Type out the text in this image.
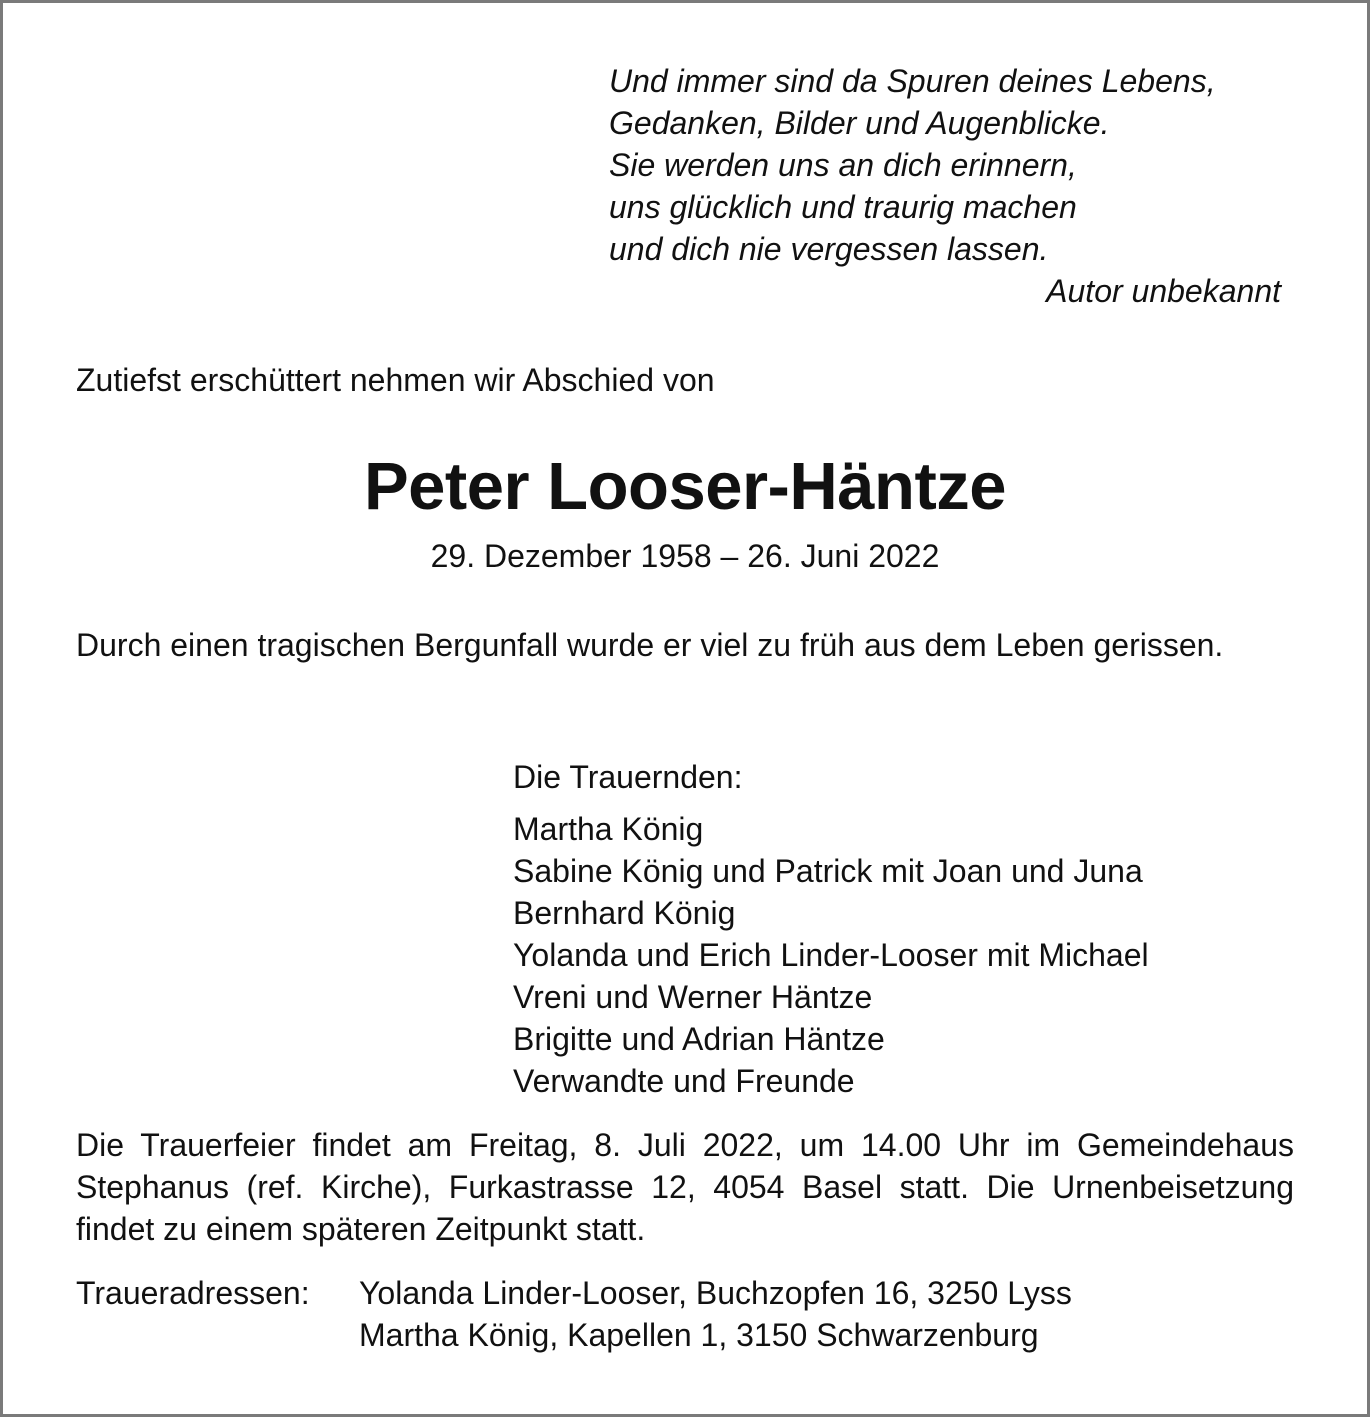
Und immer sind da Spuren deines Lebens,
Gedanken, Bilder und Augenblicke.
Sie werden uns an dich erinnern,
uns glücklich und traurig machen
und dich nie vergessen lassen.
Autor unbekannt
Zutiefst erschüttert nehmen wir Abschied von
Peter Looser-Häntze
29. Dezember 1958 – 26. Juni 2022
Durch einen tragischen Bergunfall wurde er viel zu früh aus dem Leben gerissen.
Die Trauernden:
Martha König
Sabine König und Patrick mit Joan und Juna
Bernhard König
Yolanda und Erich Linder-Looser mit Michael
Vreni und Werner Häntze
Brigitte und Adrian Häntze
Verwandte und Freunde
Die Trauerfeier findet am Freitag, 8. Juli 2022, um 14.00 Uhr im Gemeindehaus Stephanus (ref. Kirche), Furkastrasse 12, 4054 Basel statt. Die Urnenbeisetzung findet zu einem späteren Zeitpunkt statt.
Traueradressen: Yolanda Linder-Looser, Buchzopfen 16, 3250 Lyss
Martha König, Kapellen 1, 3150 Schwarzenburg
